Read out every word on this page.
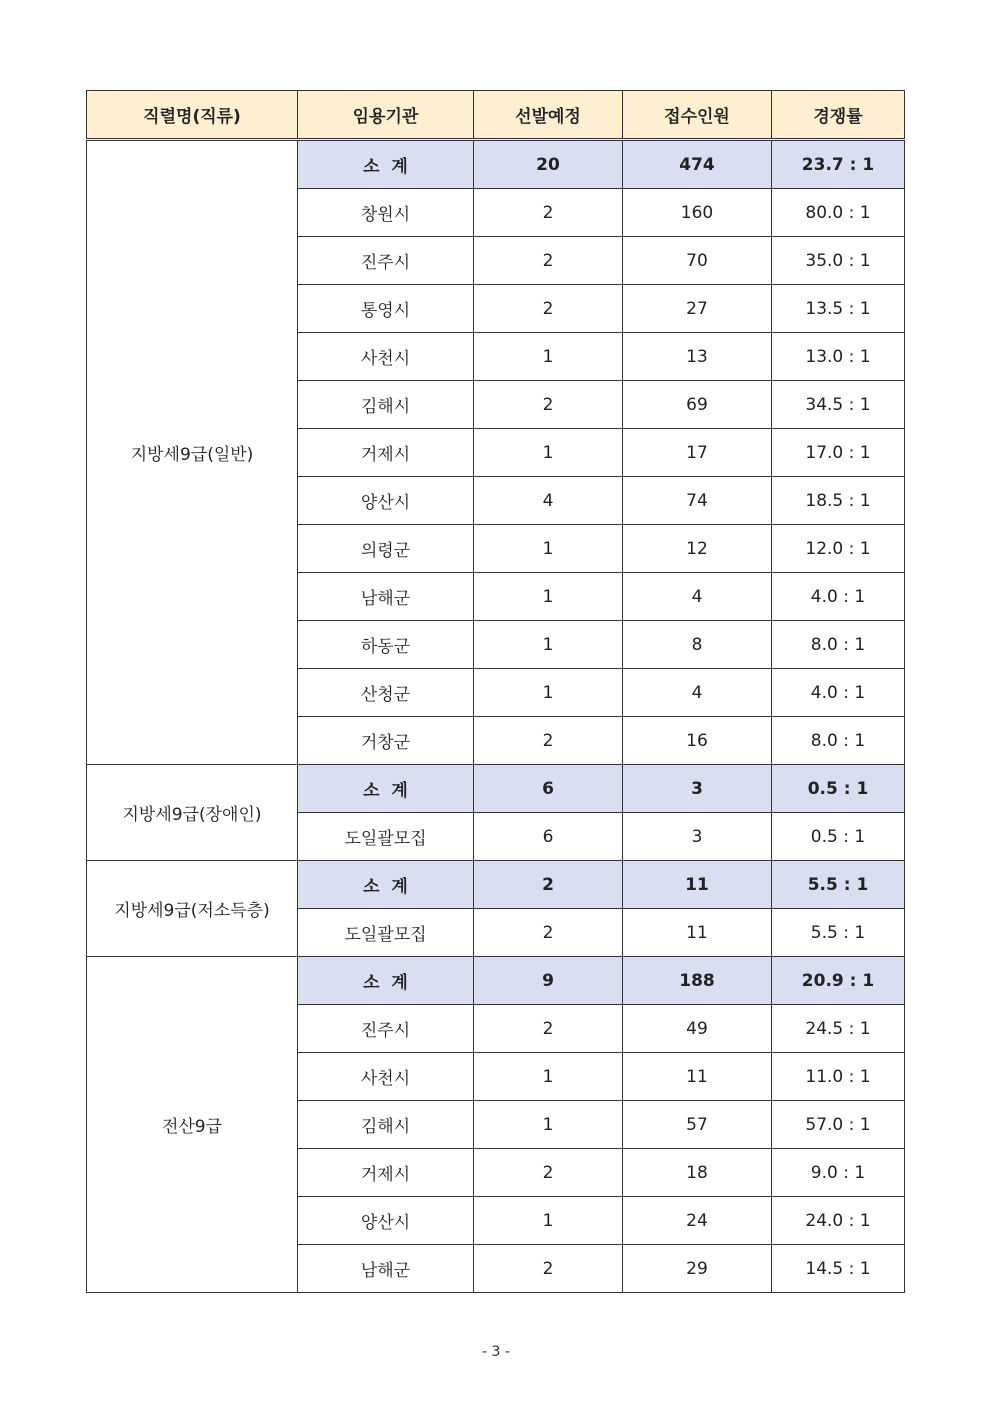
직렬명(직류)	임용기관	선발예정	접수인원	경쟁률
지방세9급(일반)	소  계	20	474	23.7 : 1
	창원시	2	160	80.0 : 1
	진주시	2	70	35.0 : 1
	통영시	2	27	13.5 : 1
	사천시	1	13	13.0 : 1
	김해시	2	69	34.5 : 1
	거제시	1	17	17.0 : 1
	양산시	4	74	18.5 : 1
	의령군	1	12	12.0 : 1
	남해군	1	4	4.0 : 1
	하동군	1	8	8.0 : 1
	산청군	1	4	4.0 : 1
	거창군	2	16	8.0 : 1
지방세9급(장애인)	소  계	6	3	0.5 : 1
	도일괄모집	6	3	0.5 : 1
지방세9급(저소득층)	소  계	2	11	5.5 : 1
	도일괄모집	2	11	5.5 : 1
전산9급	소  계	9	188	20.9 : 1
	진주시	2	49	24.5 : 1
	사천시	1	11	11.0 : 1
	김해시	1	57	57.0 : 1
	거제시	2	18	9.0 : 1
	양산시	1	24	24.0 : 1
	남해군	2	29	14.5 : 1
- 3 -
